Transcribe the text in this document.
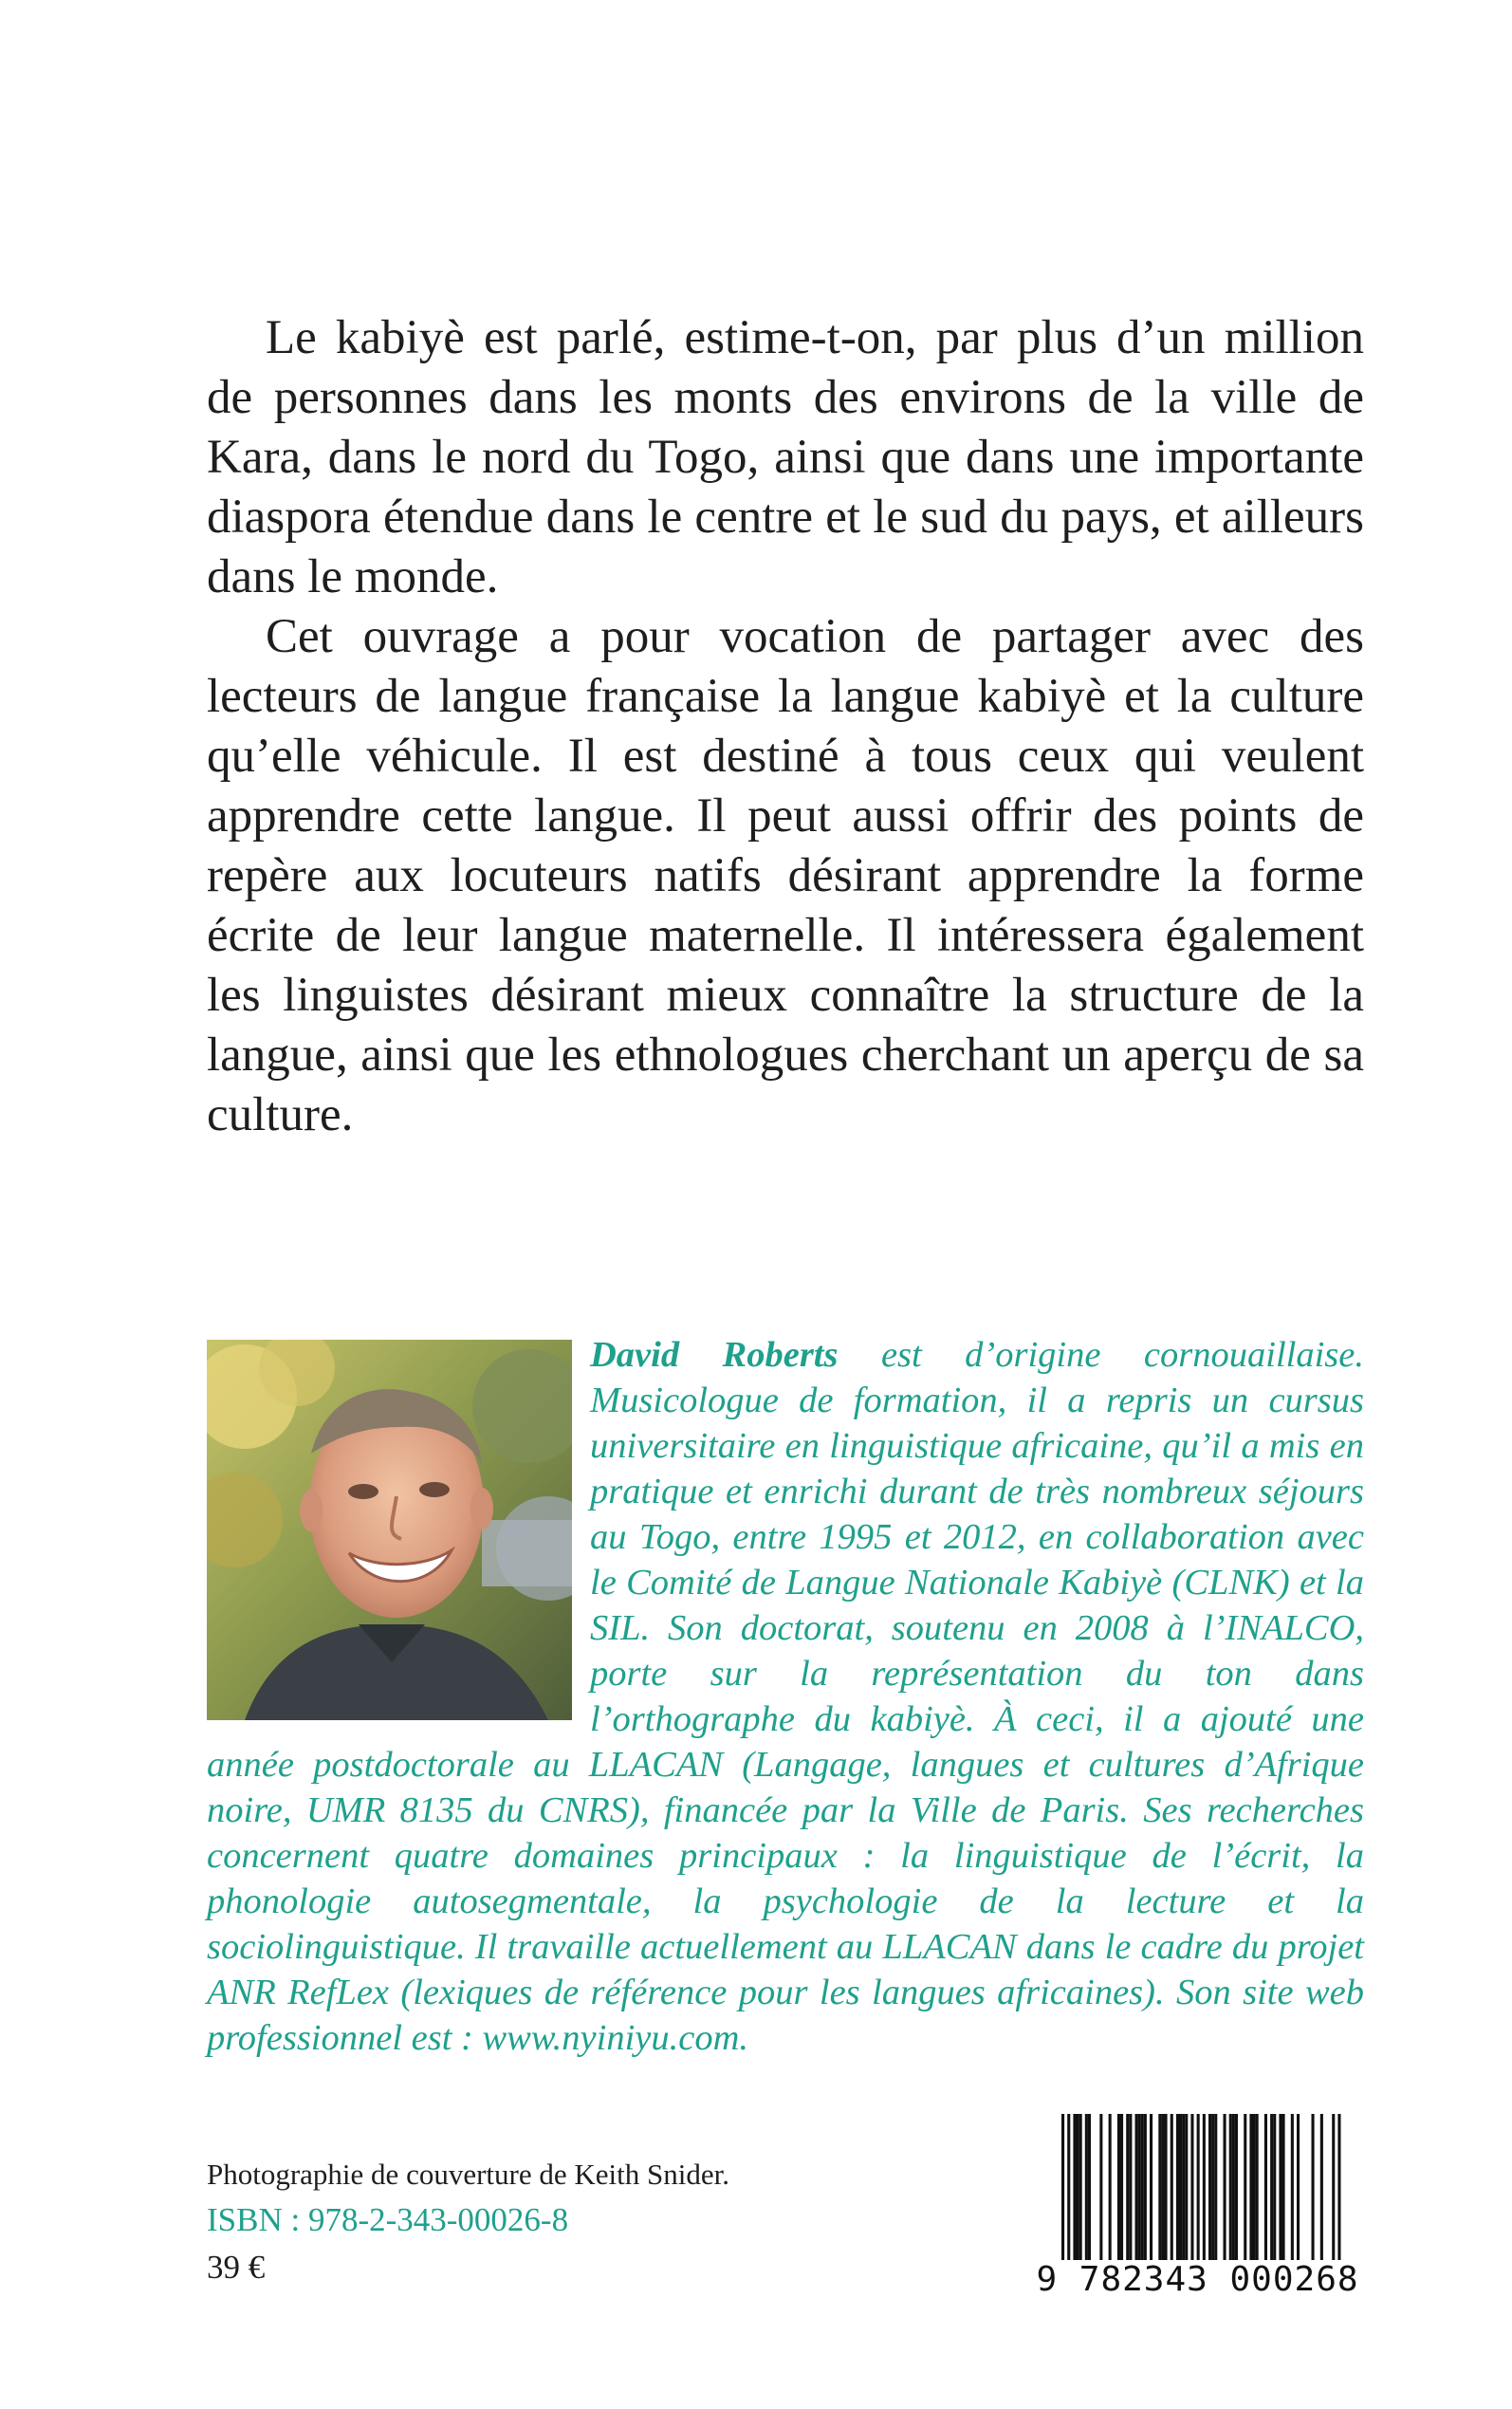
Le kabiyè est parlé, estime-t-on, par plus d’un million de personnes dans les monts des environs de la ville de Kara, dans le nord du Togo, ainsi que dans une importante diaspora étendue dans le centre et le sud du pays, et ailleurs dans le monde.

Cet ouvrage a pour vocation de partager avec des lecteurs de langue française la langue kabiyè et la culture qu’elle véhicule. Il est destiné à tous ceux qui veulent apprendre cette langue. Il peut aussi offrir des points de repère aux locuteurs natifs désirant apprendre la forme écrite de leur langue maternelle. Il intéressera également les linguistes désirant mieux connaître la structure de la langue, ainsi que les ethnologues cherchant un aperçu de sa culture.

David Roberts est d’origine cornouaillaise. Musicologue de formation, il a repris un cursus universitaire en linguistique africaine, qu’il a mis en pratique et enrichi durant de très nombreux séjours au Togo, entre 1995 et 2012, en collaboration avec le Comité de Langue Nationale Kabiyè (CLNK) et la SIL. Son doctorat, soutenu en 2008 à l’INALCO, porte sur la représentation du ton dans l’orthographe du kabiyè. À ceci, il a ajouté une année postdoctorale au LLACAN (Langage, langues et cultures d’Afrique noire, UMR 8135 du CNRS), financée par la Ville de Paris. Ses recherches concernent quatre domaines principaux : la linguistique de l’écrit, la phonologie autosegmentale, la psychologie de la lecture et la sociolinguistique. Il travaille actuellement au LLACAN dans le cadre du projet ANR RefLex (lexiques de référence pour les langues africaines). Son site web professionnel est : www.nyiniyu.com.
Photographie de couverture de Keith Snider.
ISBN : 978-2-343-00026-8
39 €	9 782343 000268
